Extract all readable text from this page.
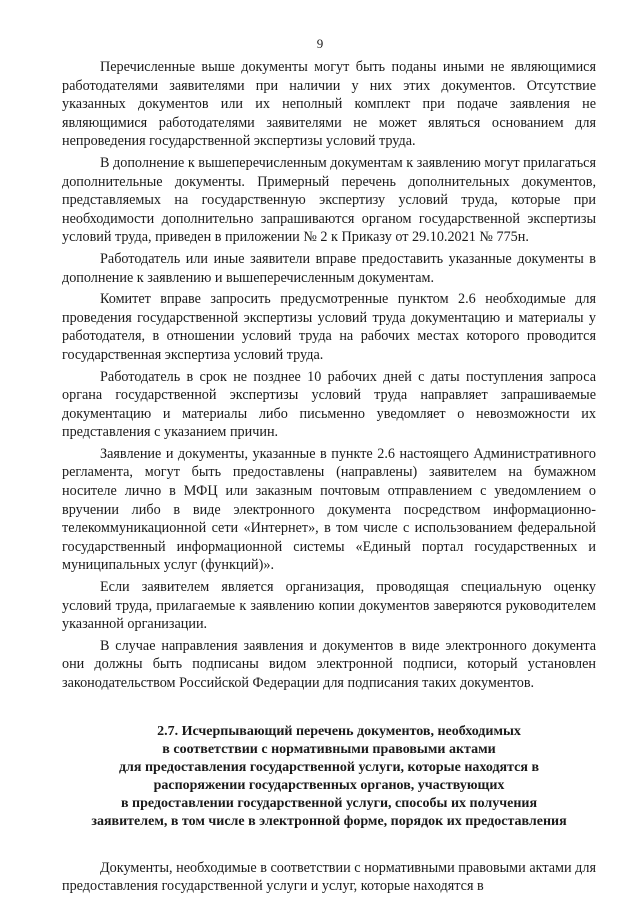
9

Перечисленные выше документы могут быть поданы иными не являющимися работодателями заявителями при наличии у них этих документов. Отсутствие указанных документов или их неполный комплект при подаче заявления не являющимися работодателями заявителями не может являться основанием для непроведения государственной экспертизы условий труда.

В дополнение к вышеперечисленным документам к заявлению могут прилагаться дополнительные документы. Примерный перечень дополнительных документов, представляемых на государственную экспертизу условий труда, которые при необходимости дополнительно запрашиваются органом государственной экспертизы условий труда, приведен в приложении № 2 к Приказу от 29.10.2021 № 775н.

Работодатель или иные заявители вправе предоставить указанные документы в дополнение к заявлению и вышеперечисленным документам.

Комитет вправе запросить предусмотренные пунктом 2.6 необходимые для проведения государственной экспертизы условий труда документацию и материалы у работодателя, в отношении условий труда на рабочих местах которого проводится государственная экспертиза условий труда.

Работодатель в срок не позднее 10 рабочих дней с даты поступления запроса органа государственной экспертизы условий труда направляет запрашиваемые документацию и материалы либо письменно уведомляет о невозможности их представления с указанием причин.

Заявление и документы, указанные в пункте 2.6 настоящего Административного регламента, могут быть предоставлены (направлены) заявителем на бумажном носителе лично в МФЦ или заказным почтовым отправлением с уведомлением о вручении либо в виде электронного документа посредством информационно-телекоммуникационной сети «Интернет», в том числе с использованием федеральной государственный информационной системы «Единый портал государственных и муниципальных услуг (функций)».

Если заявителем является организация, проводящая специальную оценку условий труда, прилагаемые к заявлению копии документов заверяются руководителем указанной организации.

В случае направления заявления и документов в виде электронного документа они должны быть подписаны видом электронной подписи, который установлен законодательством Российской Федерации для подписания таких документов.

2.7. Исчерпывающий перечень документов, необходимых
в соответствии с нормативными правовыми актами
для предоставления государственной услуги, которые находятся в
распоряжении государственных органов, участвующих
в предоставлении государственной услуги, способы их получения
заявителем, в том числе в электронной форме, порядок их предоставления

Документы, необходимые в соответствии с нормативными правовыми актами для предоставления государственной услуги и услуг, которые находятся в
